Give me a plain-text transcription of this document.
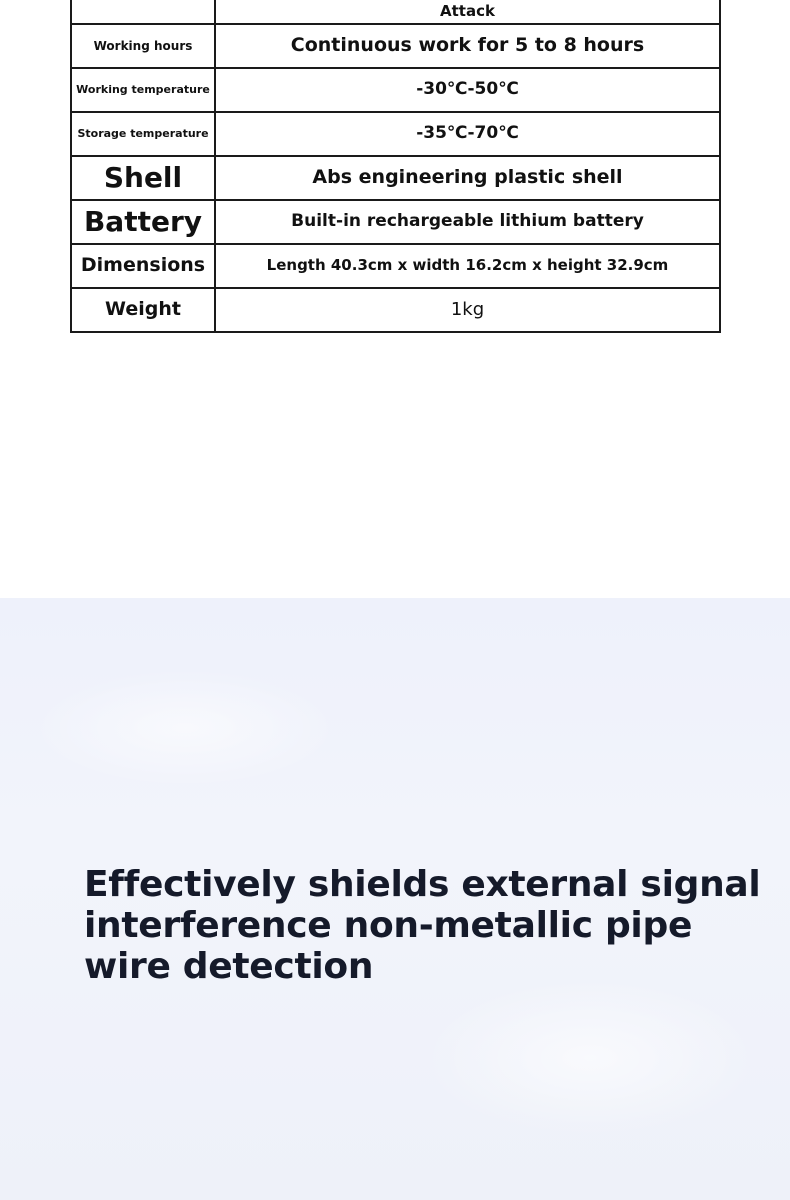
	Attack
Working hours	Continuous work for 5 to 8 hours
Working temperature	-30℃-50℃
Storage temperature	-35℃-70℃
Shell	Abs engineering plastic shell
Battery	Built-in rechargeable lithium battery
Dimensions	Length 40.3cm x width 16.2cm x height 32.9cm
Weight	1kg
Effectively shields external signal interference non-metallic pipe wire detection
